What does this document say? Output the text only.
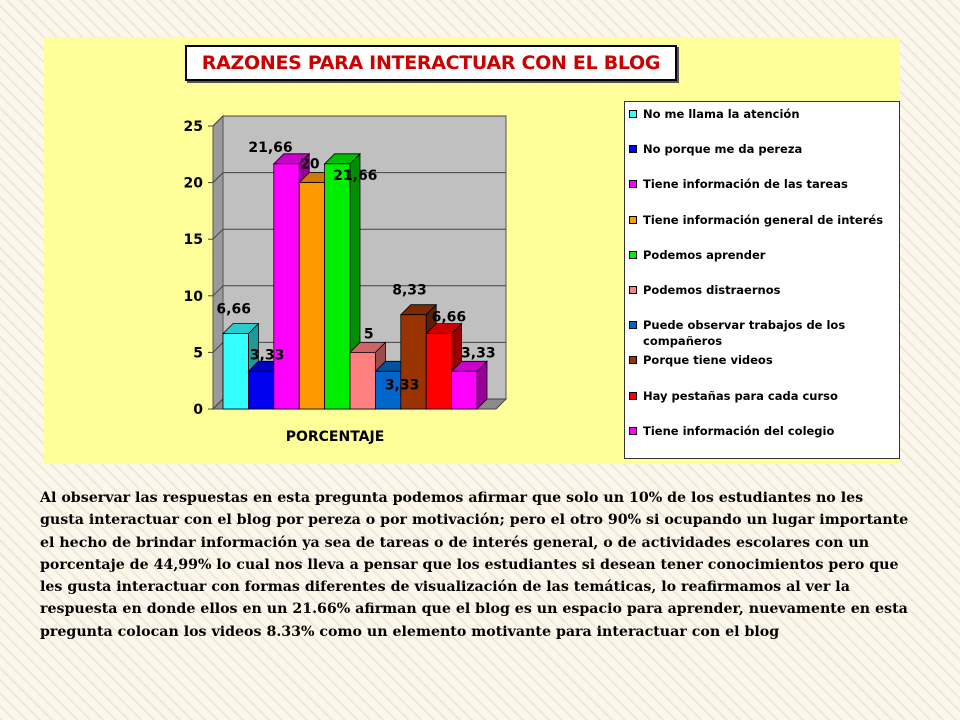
0
5
10
15
20
25
6,66
3,33
21,66
20
21,66
5
3,33
8,33
6,66
3,33
PORCENTAJE
RAZONES PARA INTERACTUAR CON EL BLOG
No me llama la atención
No porque me da pereza
Tiene información de las tareas
Tiene información general de interés
Podemos aprender
Podemos distraernos
Puede observar trabajos de los compañeros
Porque tiene videos
Hay pestañas para cada curso
Tiene información del colegio

Al observar las respuestas en esta pregunta podemos afirmar que solo un 10% de los estudiantes no les gusta interactuar con el blog por pereza o por motivación; pero el otro 90% si ocupando un lugar importante el hecho de brindar información ya sea de tareas o de interés general, o de actividades escolares con un porcentaje de 44,99% lo cual nos lleva a pensar que los estudiantes si desean tener conocimientos pero que les gusta interactuar con formas diferentes de visualización de las temáticas, lo reafirmamos al ver la respuesta en donde ellos en un 21.66% afirman que el blog es un espacio para aprender, nuevamente en esta pregunta colocan los videos 8.33% como un elemento motivante para interactuar con el blog
